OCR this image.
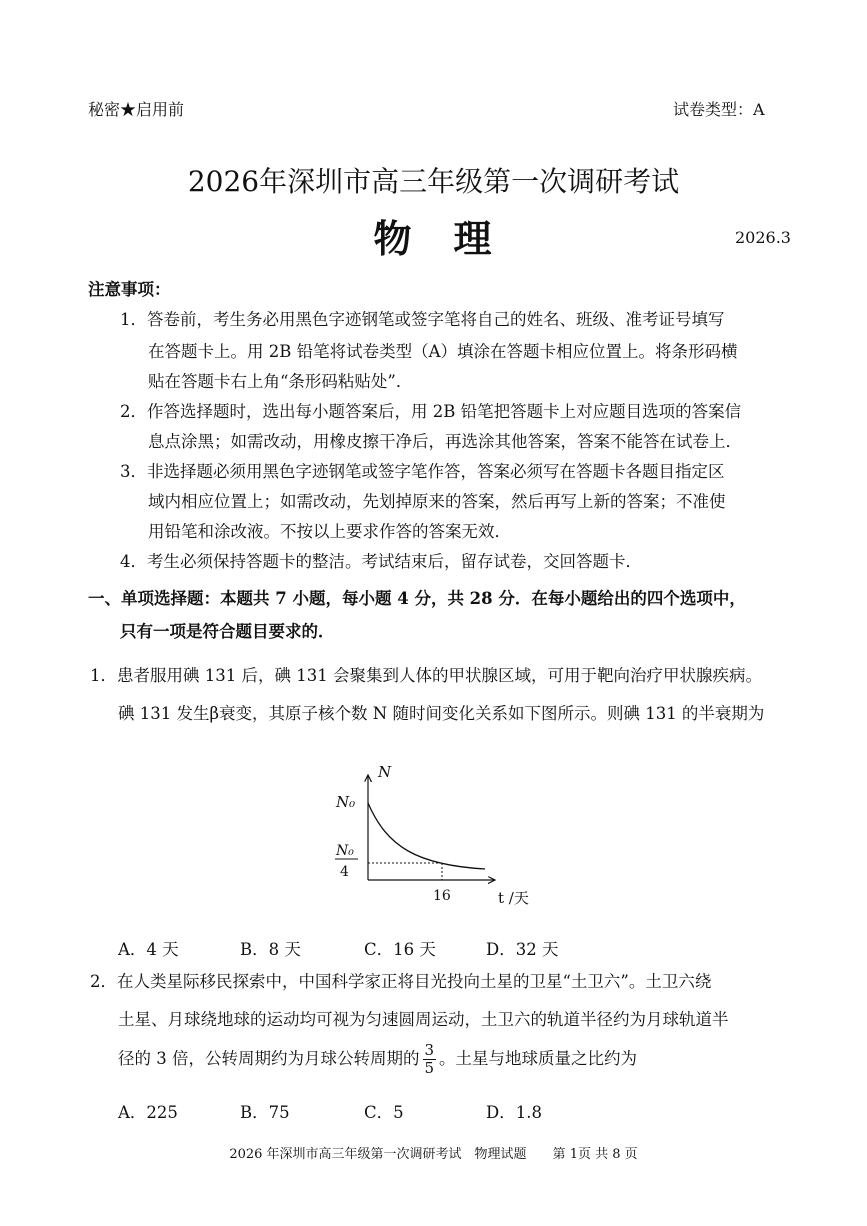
秘密★启用前	试卷类型：A
2026年深圳市高三年级第一次调研考试
物　理	2026.3
注意事项：
1．答卷前，考生务必用黑色字迹钢笔或签字笔将自己的姓名、班级、准考证号填写
在答题卡上。用 2B 铅笔将试卷类型（A）填涂在答题卡相应位置上。将条形码横
贴在答题卡右上角“条形码粘贴处”．
2．作答选择题时，选出每小题答案后，用 2B 铅笔把答题卡上对应题目选项的答案信
息点涂黑；如需改动，用橡皮擦干净后，再选涂其他答案，答案不能答在试卷上．
3．非选择题必须用黑色字迹钢笔或签字笔作答，答案必须写在答题卡各题目指定区
域内相应位置上；如需改动，先划掉原来的答案，然后再写上新的答案；不准使
用铅笔和涂改液。不按以上要求作答的答案无效．
4．考生必须保持答题卡的整洁。考试结束后，留存试卷，交回答题卡．
一、单项选择题：本题共 7 小题，每小题 4 分，共 28 分．在每小题给出的四个选项中，
只有一项是符合题目要求的．
1．患者服用碘 131 后，碘 131 会聚集到人体的甲状腺区域，可用于靶向治疗甲状腺疾病。
碘 131 发生β衰变，其原子核个数 N 随时间变化关系如下图所示。则碘 131 的半衰期为
N
N₀
N₀
4
16	t /天
A．4 天	B．8 天	C．16 天	D．32 天
2．在人类星际移民探索中，中国科学家正将目光投向土星的卫星“土卫六”。土卫六绕
土星、月球绕地球的运动均可视为匀速圆周运动，土卫六的轨道半径约为月球轨道半
径的 3 倍，公转周期约为月球公转周期的 $\frac{3}{5}$ 。土星与地球质量之比约为
A．225	B．75	C．5	D．1.8
2026 年深圳市高三年级第一次调研考试　物理试题　　第 1页 共 8 页
